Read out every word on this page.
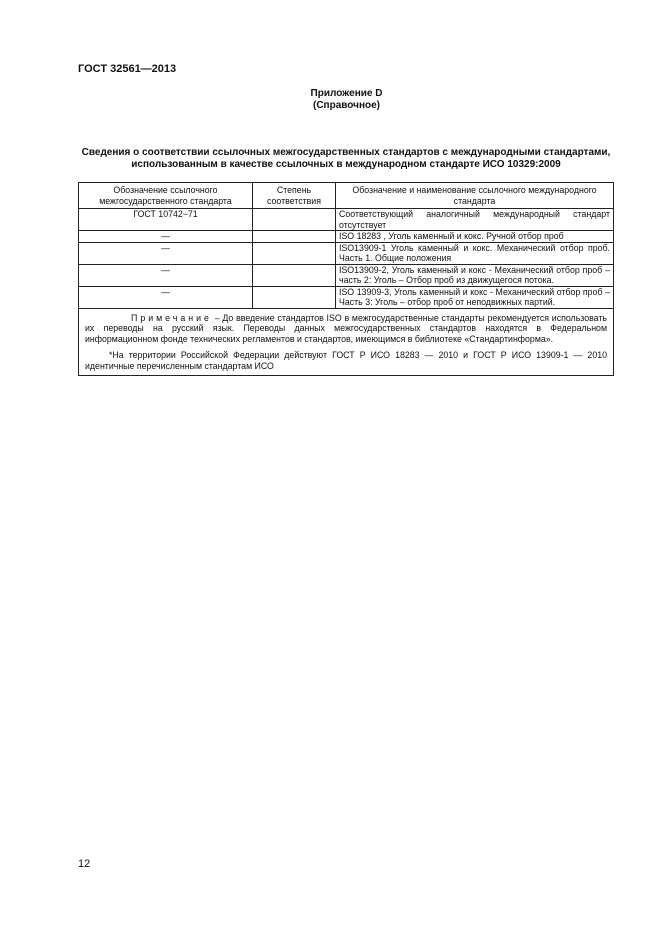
ГОСТ 32561—2013
Приложение D
(Справочное)
Сведения о соответствии ссылочных межгосударственных стандартов с международными стандартами, использованным в качестве ссылочных в международном стандарте ИСО 10329:2009
Обозначение ссылочного межгосударственного стандарта	Степень соответствия	Обозначение и наименование ссылочного международного стандарта
ГОСТ 10742−71		Соответствующий аналогичный международный стандарт отсутствует
—		ISO 18283 , Уголь каменный и кокс. Ручной отбор проб
—		ISO13909-1 Уголь каменный и кокс. Механический отбор проб. Часть 1. Общие положения
—		ISO13909-2, Уголь каменный и кокс - Механический отбор проб – часть 2: Уголь – Отбор проб из движущегося потока.
—		ISO 13909-3, Уголь каменный и кокс - Механический отбор проб – Часть 3: Уголь – отбор проб от неподвижных партий.

Примечание – До введение стандартов ISO в межгосударственные стандарты рекомендуется использовать их переводы на русский язык. Переводы данных межгосударственных стандартов находятся в Федеральном информационном фонде технических регламентов и стандартов, имеющимся в библиотеке «Стандартинформа».

*На территории Российской Федерации действуют ГОСТ Р ИСО 18283 — 2010 и ГОСТ Р ИСО 13909-1 — 2010 идентичные перечисленным стандартам ИСО		

12
